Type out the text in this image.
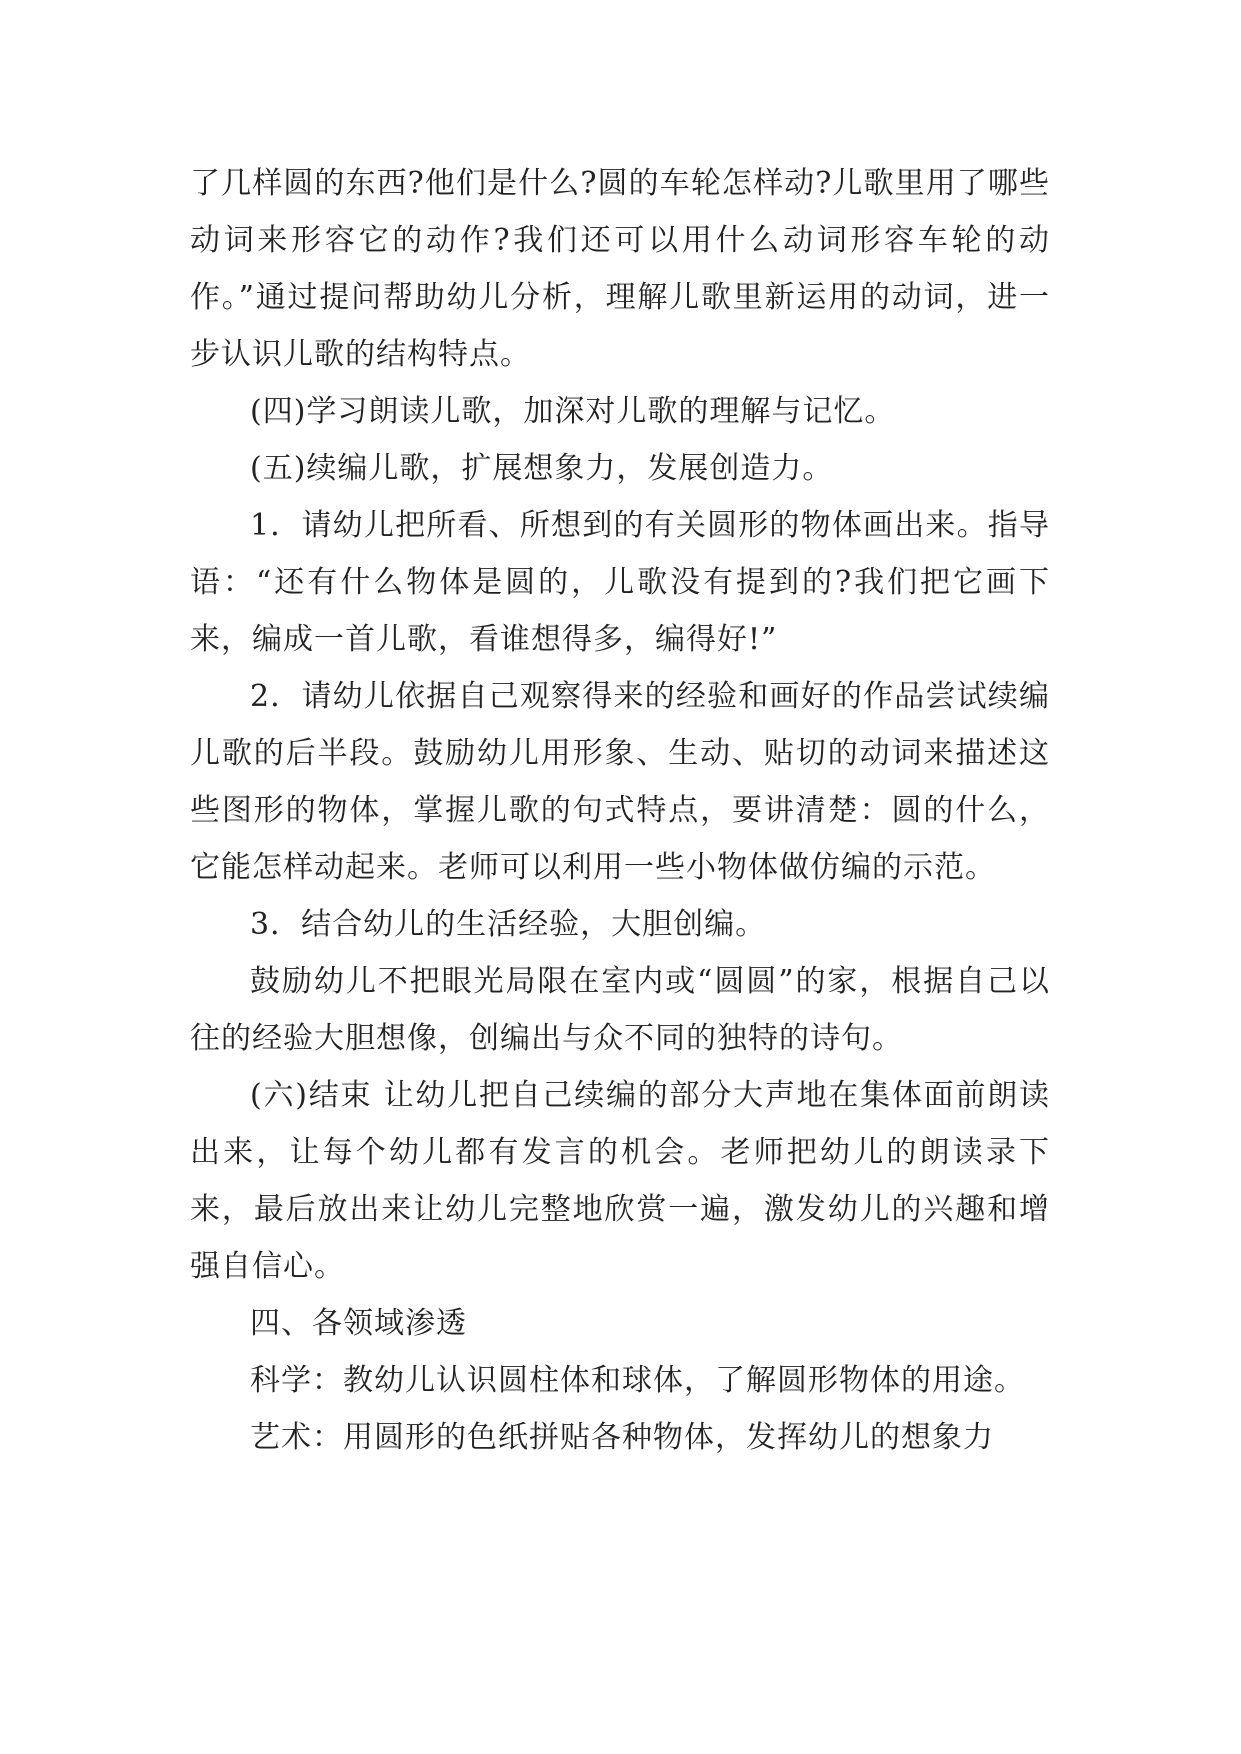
了几样圆的东西?他们是什么?圆的车轮怎样动?儿歌里用了哪些动词来形容它的动作?我们还可以用什么动词形容车轮的动作。”通过提问帮助幼儿分析，理解儿歌里新运用的动词，进一步认识儿歌的结构特点。

(四)学习朗读儿歌，加深对儿歌的理解与记忆。

(五)续编儿歌，扩展想象力，发展创造力。

1．请幼儿把所看、所想到的有关圆形的物体画出来。指导语：“还有什么物体是圆的，儿歌没有提到的?我们把它画下来，编成一首儿歌，看谁想得多，编得好!”

2．请幼儿依据自己观察得来的经验和画好的作品尝试续编儿歌的后半段。鼓励幼儿用形象、生动、贴切的动词来描述这些图形的物体，掌握儿歌的句式特点，要讲清楚：圆的什么，它能怎样动起来。老师可以利用一些小物体做仿编的示范。

3．结合幼儿的生活经验，大胆创编。

鼓励幼儿不把眼光局限在室内或“圆圆”的家，根据自己以往的经验大胆想像，创编出与众不同的独特的诗句。

(六)结束 让幼儿把自己续编的部分大声地在集体面前朗读出来，让每个幼儿都有发言的机会。老师把幼儿的朗读录下来，最后放出来让幼儿完整地欣赏一遍，激发幼儿的兴趣和增强自信心。

四、各领域渗透

科学：教幼儿认识圆柱体和球体，了解圆形物体的用途。

艺术：用圆形的色纸拼贴各种物体，发挥幼儿的想象力
